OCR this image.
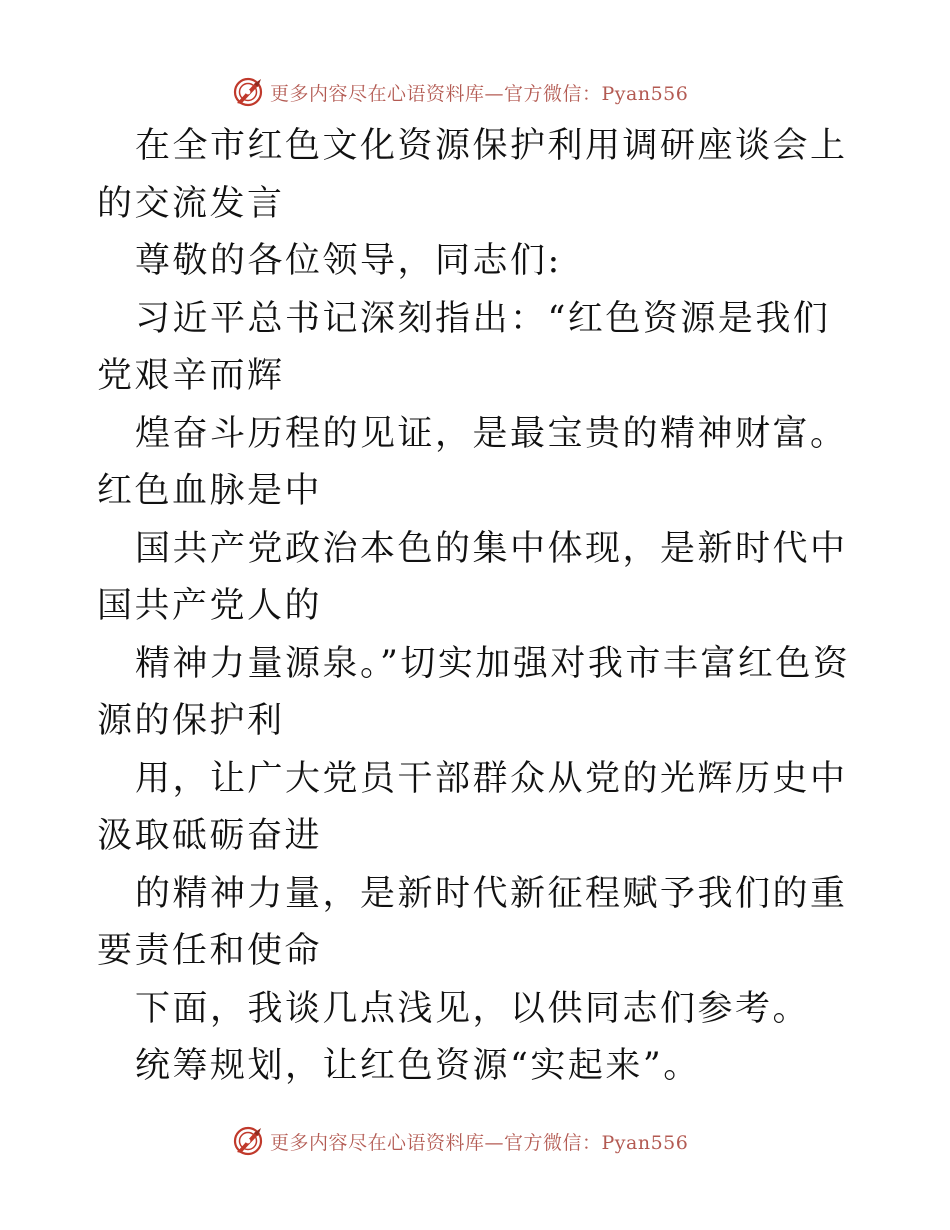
更多内容尽在心语资料库—官方微信：Pyan556

在全市红色文化资源保护利用调研座谈会上的交流发言

尊敬的各位领导，同志们:

习近平总书记深刻指出：“红色资源是我们党艰辛而辉

煌奋斗历程的见证，是最宝贵的精神财富。红色血脉是中

国共产党政治本色的集中体现，是新时代中国共产党人的

精神力量源泉。”切实加强对我市丰富红色资源的保护利

用，让广大党员干部群众从党的光辉历史中汲取砥砺奋进

的精神力量，是新时代新征程赋予我们的重要责任和使命

下面，我谈几点浅见，以供同志们参考。

统筹规划，让红色资源“实起来”。

更多内容尽在心语资料库—官方微信：Pyan556
